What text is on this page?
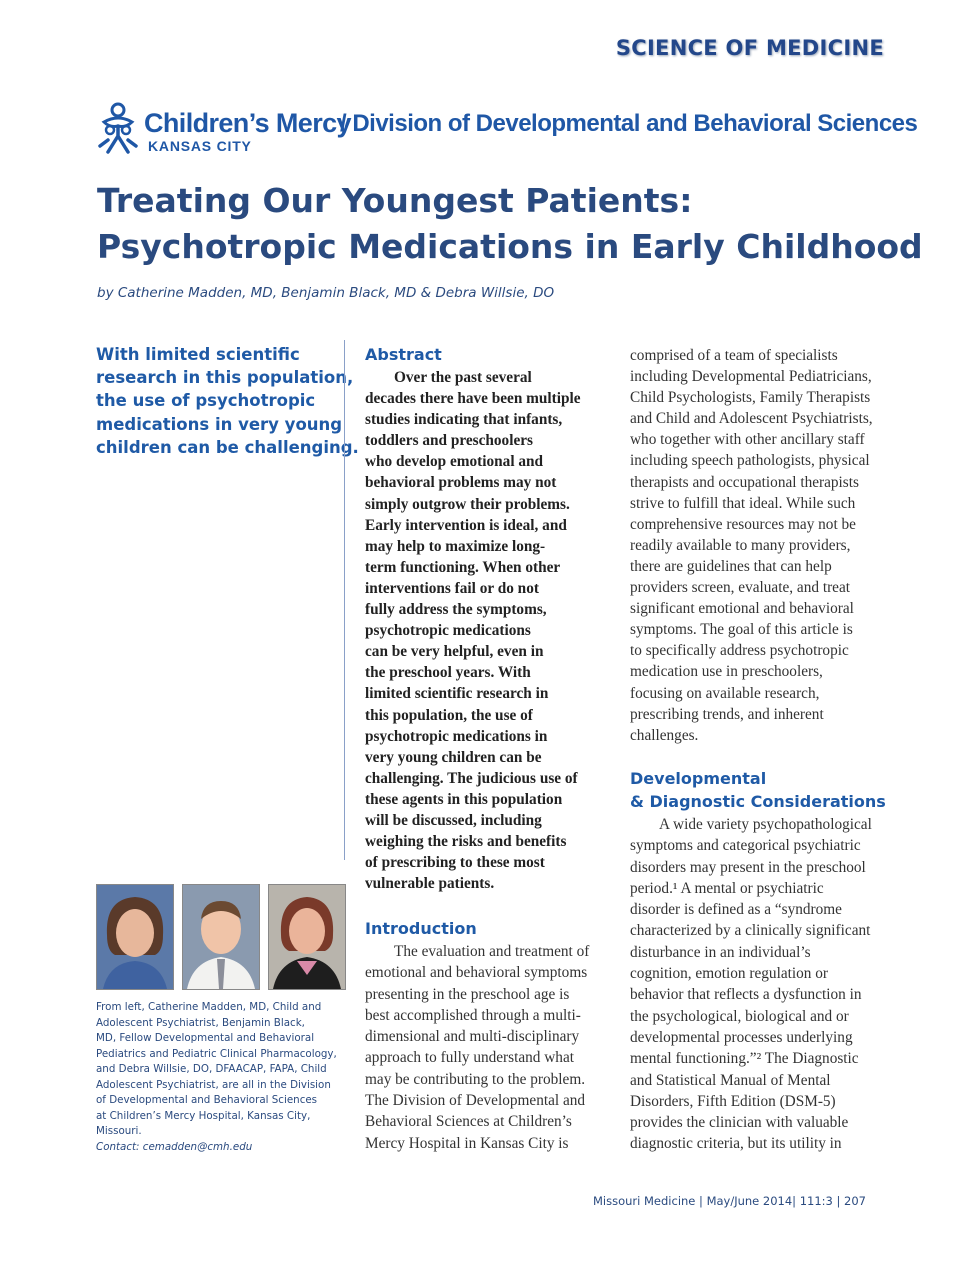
SCIENCE OF MEDICINE
Children’s Mercy
KANSAS CITY
/ Division of Developmental and Behavioral Sciences
Treating Our Youngest Patients:
Psychotropic Medications in Early Childhood
by Catherine Madden, MD, Benjamin Black, MD & Debra Willsie, DO
With limited scientific
research in this population,
the use of psychotropic
medications in very young
children can be challenging.
From left, Catherine Madden, MD, Child and
Adolescent Psychiatrist, Benjamin Black,
MD, Fellow Developmental and Behavioral
Pediatrics and Pediatric Clinical Pharmacology,
and Debra Willsie, DO, DFAACAP, FAPA, Child
Adolescent Psychiatrist, are all in the Division
of Developmental and Behavioral Sciences
at Children’s Mercy Hospital, Kansas City,
Missouri.
Contact: cemadden@cmh.edu
Abstract
Over the past several
decades there have been multiple
studies indicating that infants,
toddlers and preschoolers
who develop emotional and
behavioral problems may not
simply outgrow their problems.
Early intervention is ideal, and
may help to maximize long-
term functioning. When other
interventions fail or do not
fully address the symptoms,
psychotropic medications
can be very helpful, even in
the preschool years. With
limited scientific research in
this population, the use of
psychotropic medications in
very young children can be
challenging. The judicious use of
these agents in this population
will be discussed, including
weighing the risks and benefits
of prescribing to these most
vulnerable patients.
Introduction
The evaluation and treatment of
emotional and behavioral symptoms
presenting in the preschool age is
best accomplished through a multi-
dimensional and multi-disciplinary
approach to fully understand what
may be contributing to the problem.
The Division of Developmental and
Behavioral Sciences at Children’s
Mercy Hospital in Kansas City is
comprised of a team of specialists
including Developmental Pediatricians,
Child Psychologists, Family Therapists
and Child and Adolescent Psychiatrists,
who together with other ancillary staff
including speech pathologists, physical
therapists and occupational therapists
strive to fulfill that ideal. While such
comprehensive resources may not be
readily available to many providers,
there are guidelines that can help
providers screen, evaluate, and treat
significant emotional and behavioral
symptoms. The goal of this article is
to specifically address psychotropic
medication use in preschoolers,
focusing on available research,
prescribing trends, and inherent
challenges.
Developmental
& Diagnostic Considerations
A wide variety psychopathological
symptoms and categorical psychiatric
disorders may present in the preschool
period.¹ A mental or psychiatric
disorder is defined as a “syndrome
characterized by a clinically significant
disturbance in an individual’s
cognition, emotion regulation or
behavior that reflects a dysfunction in
the psychological, biological and or
developmental processes underlying
mental functioning.”² The Diagnostic
and Statistical Manual of Mental
Disorders, Fifth Edition (DSM-5)
provides the clinician with valuable
diagnostic criteria, but its utility in
Missouri Medicine | May/June 2014| 111:3 | 207
